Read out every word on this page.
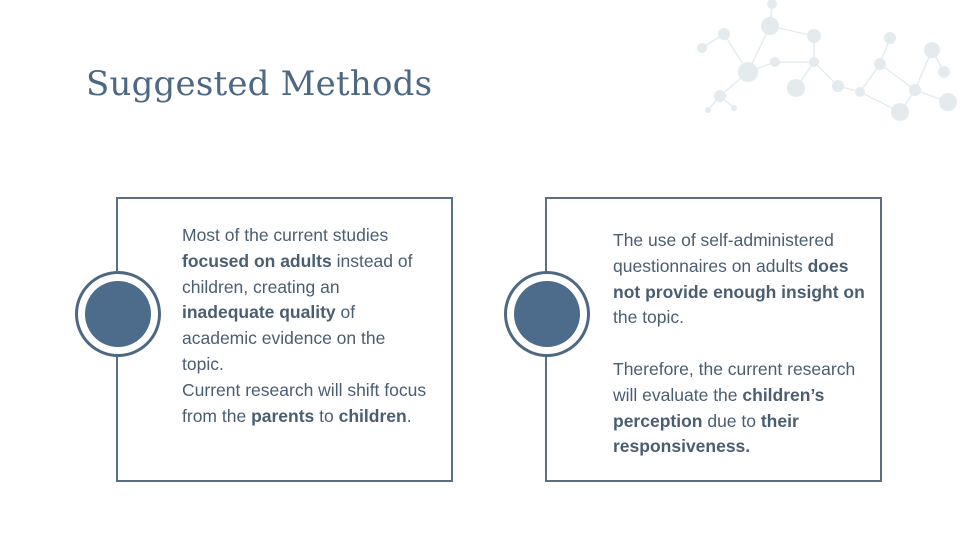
Suggested Methods
Most of the current studies focused on adults instead of children, creating an inadequate quality of academic evidence on the topic.
Current research will shift focus from the parents to children.
The use of self-administered questionnaires on adults does not provide enough insight on the topic.
Therefore, the current research will evaluate the children’s perception due to their responsiveness.
